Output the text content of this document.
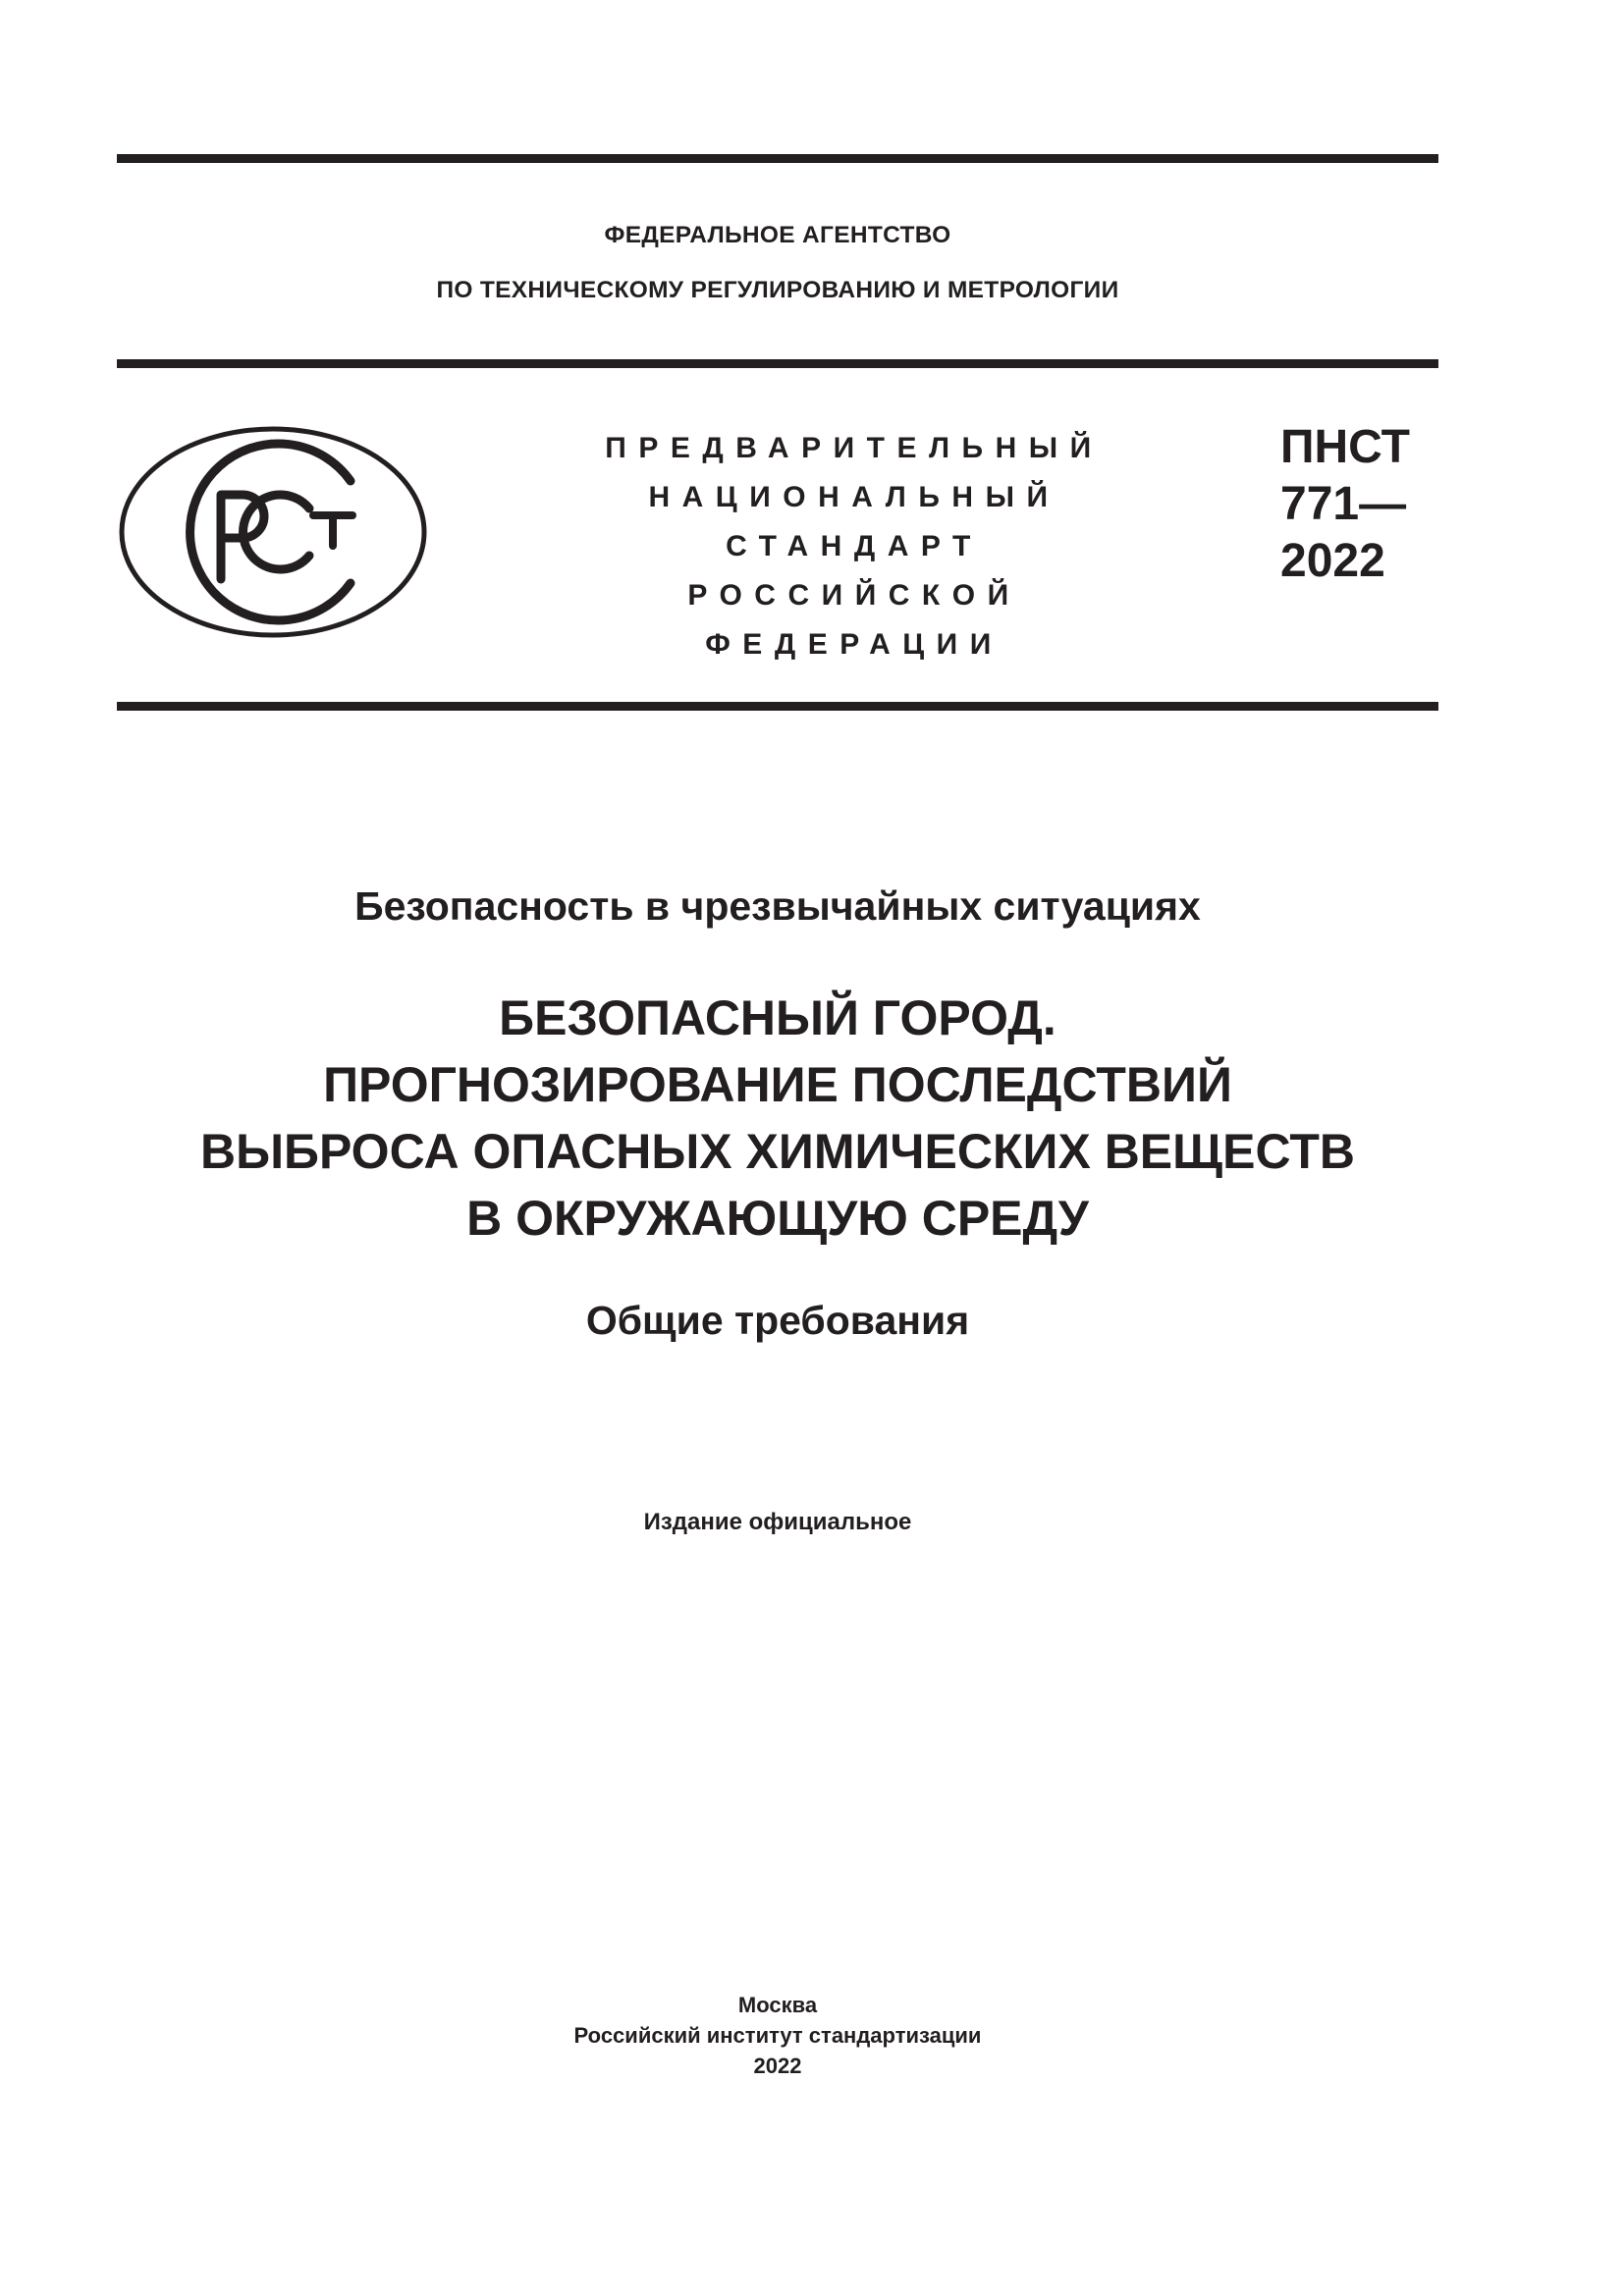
ФЕДЕРАЛЬНОЕ АГЕНТСТВО
ПО ТЕХНИЧЕСКОМУ РЕГУЛИРОВАНИЮ И МЕТРОЛОГИИ
ПРЕДВАРИТЕЛЬНЫЙ
НАЦИОНАЛЬНЫЙ
СТАНДАРТ
РОССИЙСКОЙ
ФЕДЕРАЦИИ
ПНСТ
771—
2022
Безопасность в чрезвычайных ситуациях
БЕЗОПАСНЫЙ ГОРОД.
ПРОГНОЗИРОВАНИЕ ПОСЛЕДСТВИЙ
ВЫБРОСА ОПАСНЫХ ХИМИЧЕСКИХ ВЕЩЕСТВ
В ОКРУЖАЮЩУЮ СРЕДУ
Общие требования
Издание официальное
Москва
Российский институт стандартизации
2022
